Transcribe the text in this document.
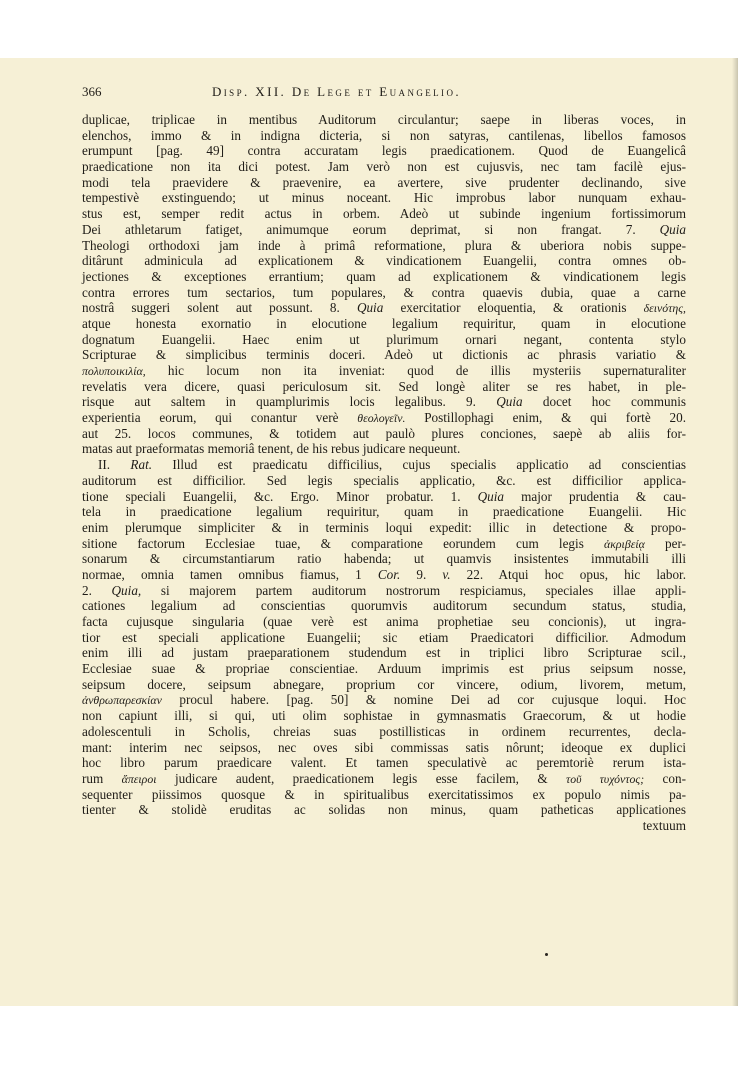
366	Disp. XII. De Lege et Euangelio.
duplicae, triplicae in mentibus Auditorum circulantur; saepe in liberas voces, in
elenchos, immo & in indigna dicteria, si non satyras, cantilenas, libellos famosos
erumpunt [pag. 49] contra accuratam legis praedicationem. Quod de Euangelicâ
praedicatione non ita dici potest. Jam verò non est cujusvis, nec tam facilè ejus-
modi tela praevidere & praevenire, ea avertere, sive prudenter declinando, sive
tempestivè exstinguendo; ut minus noceant. Hic improbus labor nunquam exhau-
stus est, semper redit actus in orbem. Adeò ut subinde ingenium fortissimorum
Dei athletarum fatiget, animumque eorum deprimat, si non frangat. 7. Quia
Theologi orthodoxi jam inde à primâ reformatione, plura & uberiora nobis suppe-
ditârunt adminicula ad explicationem & vindicationem Euangelii, contra omnes ob-
jectiones & exceptiones errantium; quam ad explicationem & vindicationem legis
contra errores tum sectarios, tum populares, & contra quaevis dubia, quae a carne
nostrâ suggeri solent aut possunt. 8. Quia exercitatior eloquentia, & orationis δεινότης,
atque honesta exornatio in elocutione legalium requiritur, quam in elocutione
dognatum Euangelii. Haec enim ut plurimum ornari negant, contenta stylo
Scripturae & simplicibus terminis doceri. Adeò ut dictionis ac phrasis variatio &
πολυποικιλία, hic locum non ita inveniat: quod de illis mysteriis supernaturaliter
revelatis vera dicere, quasi periculosum sit. Sed longè aliter se res habet, in ple-
risque aut saltem in quamplurimis locis legalibus. 9. Quia docet hoc communis
experientia eorum, qui conantur verè θεολογεῖν. Postillophagi enim, & qui fortè 20.
aut 25. locos communes, & totidem aut paulò plures conciones, saepè ab aliis for-
matas aut praeformatas memoriâ tenent, de his rebus judicare nequeunt.
II. Rat. Illud est praedicatu difficilius, cujus specialis applicatio ad conscientias
auditorum est difficilior. Sed legis specialis applicatio, &c. est difficilior applica-
tione speciali Euangelii, &c. Ergo. Minor probatur. 1. Quia major prudentia & cau-
tela in praedicatione legalium requiritur, quam in praedicatione Euangelii. Hic
enim plerumque simpliciter & in terminis loqui expedit: illic in detectione & propo-
sitione factorum Ecclesiae tuae, & comparatione eorundem cum legis ἀκριβείᾳ per-
sonarum & circumstantiarum ratio habenda; ut quamvis insistentes immutabili illi
normae, omnia tamen omnibus fiamus, 1 Cor. 9. v. 22. Atqui hoc opus, hic labor.
2. Quia, si majorem partem auditorum nostrorum respiciamus, speciales illae appli-
cationes legalium ad conscientias quorumvis auditorum secundum status, studia,
facta cujusque singularia (quae verè est anima prophetiae seu concionis), ut ingra-
tior est speciali applicatione Euangelii; sic etiam Praedicatori difficilior. Admodum
enim illi ad justam praeparationem studendum est in triplici libro Scripturae scil.,
Ecclesiae suae & propriae conscientiae. Arduum imprimis est prius seipsum nosse,
seipsum docere, seipsum abnegare, proprium cor vincere, odium, livorem, metum,
ἀνθρωπαρεσκίαν procul habere. [pag. 50] & nomine Dei ad cor cujusque loqui. Hoc
non capiunt illi, si qui, uti olim sophistae in gymnasmatis Graecorum, & ut hodie
adolescentuli in Scholis, chreias suas postillisticas in ordinem recurrentes, decla-
mant: interim nec seipsos, nec oves sibi commissas satis nôrunt; ideoque ex duplici
hoc libro parum praedicare valent. Et tamen speculativè ac peremtoriè rerum ista-
rum ἄπειροι judicare audent, praedicationem legis esse facilem, & τοῦ τυχόντος; con-
sequenter piissimos quosque & in spiritualibus exercitatissimos ex populo nimis pa-
tienter & stolidè eruditas ac solidas non minus, quam patheticas applicationes
textuum
